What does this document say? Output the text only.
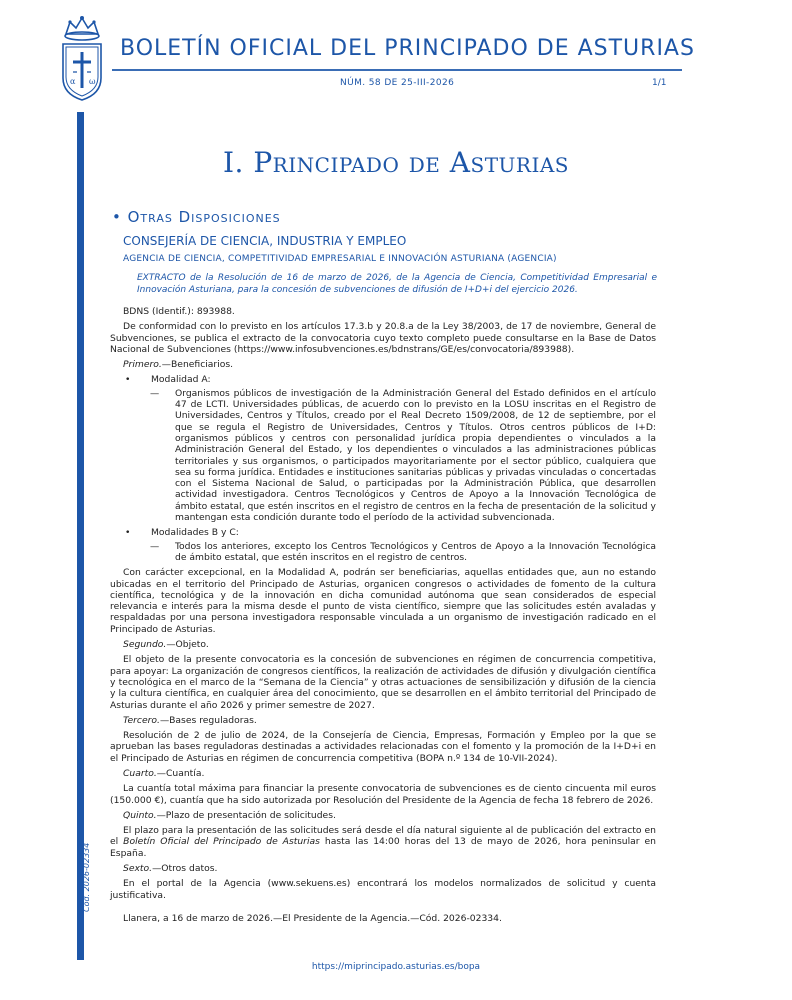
α ω
BOLETÍN OFICIAL DEL PRINCIPADO DE ASTURIAS
NÚM. 58 DE 25-III-2026	1/1
Cód. 2026-02334
I. Principado de Asturias
• Otras Disposiciones
CONSEJERÍA DE CIENCIA, INDUSTRIA Y EMPLEO
AGENCIA DE CIENCIA, COMPETITIVIDAD EMPRESARIAL E INNOVACIÓN ASTURIANA (AGENCIA)
EXTRACTO de la Resolución de 16 de marzo de 2026, de la Agencia de Ciencia, Competitividad Empresarial e Innovación Asturiana, para la concesión de subvenciones de difusión de I+D+i del ejercicio 2026.

BDNS (Identif.): 893988.

De conformidad con lo previsto en los artículos 17.3.b y 20.8.a de la Ley 38/2003, de 17 de noviembre, General de Subvenciones, se publica el extracto de la convocatoria cuyo texto completo puede consultarse en la Base de Datos Nacional de Subvenciones (https://www.infosubvenciones.es/bdnstrans/GE/es/convocatoria/893988).

Primero.—Beneficiarios.

• Modalidad A:
— Organismos públicos de investigación de la Administración General del Estado definidos en el artículo 47 de LCTI. Universidades públicas, de acuerdo con lo previsto en la LOSU inscritas en el Registro de Universidades, Centros y Títulos, creado por el Real Decreto 1509/2008, de 12 de septiembre, por el que se regula el Registro de Universidades, Centros y Títulos. Otros centros públicos de I+D: organismos públicos y centros con personalidad jurídica propia dependientes o vinculados a la Administración General del Estado, y los dependientes o vinculados a las administraciones públicas territoriales y sus organismos, o participados mayoritariamente por el sector público, cualquiera que sea su forma jurídica. Entidades e instituciones sanitarias públicas y privadas vinculadas o concertadas con el Sistema Nacional de Salud, o participadas por la Administración Pública, que desarrollen actividad investigadora. Centros Tecnológicos y Centros de Apoyo a la Innovación Tecnológica de ámbito estatal, que estén inscritos en el registro de centros en la fecha de presentación de la solicitud y mantengan esta condición durante todo el período de la actividad subvencionada.
• Modalidades B y C:
— Todos los anteriores, excepto los Centros Tecnológicos y Centros de Apoyo a la Innovación Tecnológica de ámbito estatal, que estén inscritos en el registro de centros.

Con carácter excepcional, en la Modalidad A, podrán ser beneficiarias, aquellas entidades que, aun no estando ubicadas en el territorio del Principado de Asturias, organicen congresos o actividades de fomento de la cultura científica, tecnológica y de la innovación en dicha comunidad autónoma que sean considerados de especial relevancia e interés para la misma desde el punto de vista científico, siempre que las solicitudes estén avaladas y respaldadas por una persona investigadora responsable vinculada a un organismo de investigación radicado en el Principado de Asturias.

Segundo.—Objeto.

El objeto de la presente convocatoria es la concesión de subvenciones en régimen de concurrencia competitiva, para apoyar: La organización de congresos científicos, la realización de actividades de difusión y divulgación científica y tecnológica en el marco de la “Semana de la Ciencia” y otras actuaciones de sensibilización y difusión de la ciencia y la cultura científica, en cualquier área del conocimiento, que se desarrollen en el ámbito territorial del Principado de Asturias durante el año 2026 y primer semestre de 2027.

Tercero.—Bases reguladoras.

Resolución de 2 de julio de 2024, de la Consejería de Ciencia, Empresas, Formación y Empleo por la que se aprueban las bases reguladoras destinadas a actividades relacionadas con el fomento y la promoción de la I+D+i en el Principado de Asturias en régimen de concurrencia competitiva (BOPA n.º 134 de 10-VII-2024).

Cuarto.—Cuantía.

La cuantía total máxima para financiar la presente convocatoria de subvenciones es de ciento cincuenta mil euros (150.000 €), cuantía que ha sido autorizada por Resolución del Presidente de la Agencia de fecha 18 febrero de 2026.

Quinto.—Plazo de presentación de solicitudes.

El plazo para la presentación de las solicitudes será desde el día natural siguiente al de publicación del extracto en el Boletín Oficial del Principado de Asturias hasta las 14:00 horas del 13 de mayo de 2026, hora peninsular en España.

Sexto.—Otros datos.

En el portal de la Agencia (www.sekuens.es) encontrará los modelos normalizados de solicitud y cuenta justificativa.

Llanera, a 16 de marzo de 2026.—El Presidente de la Agencia.—Cód. 2026-02334.

https://miprincipado.asturias.es/bopa
